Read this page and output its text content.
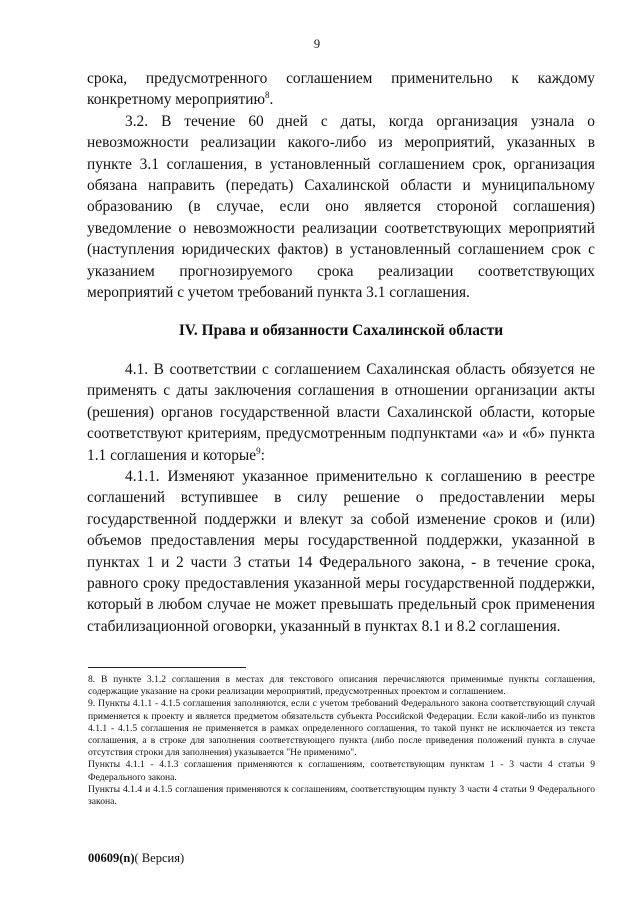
9

срока, предусмотренного соглашением применительно к каждому конкретному мероприятию$^8$.

3.2. В течение 60 дней с даты, когда организация узнала о невозможности реализации какого-либо из мероприятий, указанных в пункте 3.1 соглашения, в установленный соглашением срок, организация обязана направить (передать) Сахалинской области и муниципальному образованию (в случае, если оно является стороной соглашения) уведомление о невозможности реализации соответствующих мероприятий (наступления юридических фактов) в установленный соглашением срок с указанием прогнозируемого срока реализации соответствующих мероприятий с учетом требований пункта 3.1 соглашения.

IV. Права и обязанности Сахалинской области

4.1. В соответствии с соглашением Сахалинская область обязуется не применять с даты заключения соглашения в отношении организации акты (решения) органов государственной власти Сахалинской области, которые соответствуют критериям, предусмотренным подпунктами «а» и «б» пункта 1.1 соглашения и которые$^9$:

4.1.1. Изменяют указанное применительно к соглашению в реестре соглашений вступившее в силу решение о предоставлении меры государственной поддержки и влекут за собой изменение сроков и (или) объемов предоставления меры государственной поддержки, указанной в пунктах 1 и 2 части 3 статьи 14 Федерального закона, - в течение срока, равного сроку предоставления указанной меры государственной поддержки, который в любом случае не может превышать предельный срок применения стабилизационной оговорки, указанный в пунктах 8.1 и 8.2 соглашения.

8. В пункте 3.1.2 соглашения в местах для текстового описания перечисляются применимые пункты соглашения, содержащие указание на сроки реализации мероприятий, предусмотренных проектом и соглашением.

9. Пункты 4.1.1 - 4.1.5 соглашения заполняются, если с учетом требований Федерального закона соответствующий случай применяется к проекту и является предметом обязательств субъекта Российской Федерации. Если какой-либо из пунктов 4.1.1 - 4.1.5 соглашения не применяется в рамках определенного соглашения, то такой пункт не исключается из текста соглашения, а в строке для заполнения соответствующего пункта (либо после приведения положений пункта в случае отсутствия строки для заполнения) указывается "Не применимо".

Пункты 4.1.1 - 4.1.3 соглашения применяются к соглашениям, соответствующим пунктам 1 - 3 части 4 статьи 9 Федерального закона.

Пункты 4.1.4 и 4.1.5 соглашения применяются к соглашениям, соответствующим пункту 3 части 4 статьи 9 Федерального закона.

00609(n)( Версия)
